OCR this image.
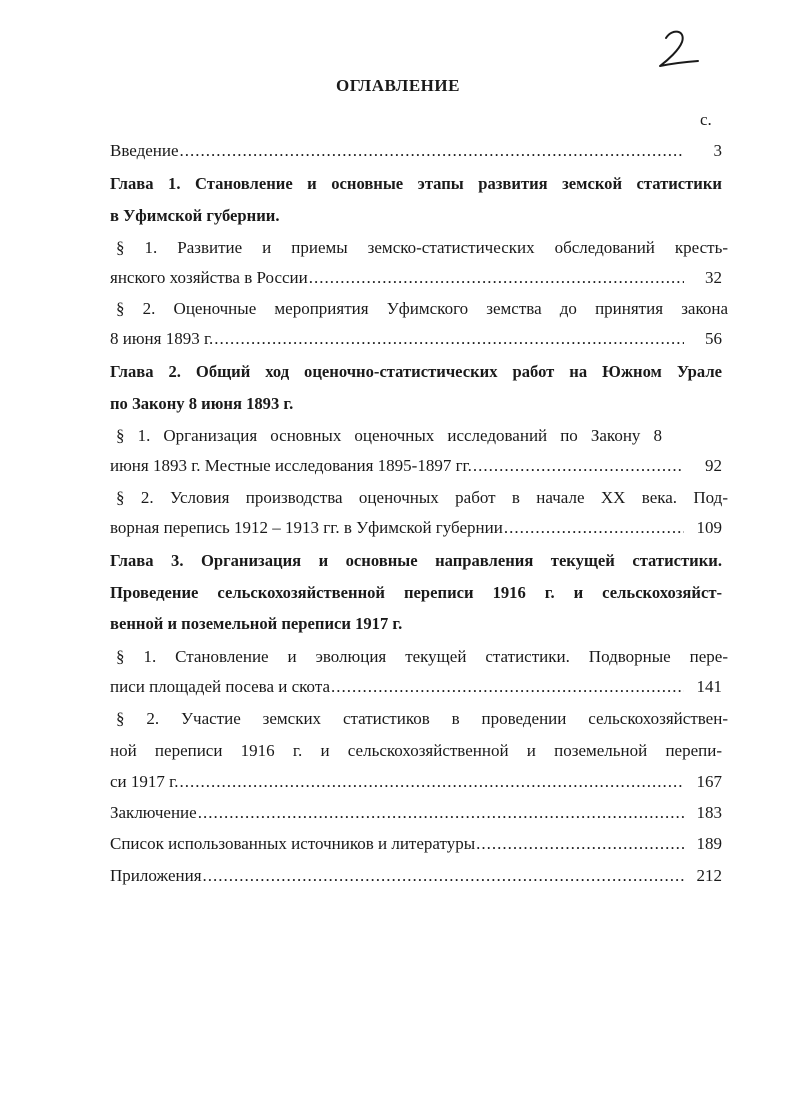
ОГЛАВЛЕНИЕ
с.
Введение .....	3
Глава 1. Становление и основные этапы развития земской статистики
в Уфимской губернии.
§ 1. Развитие и приемы земско-статистических обследований кресть-
янского хозяйства в России .....	32
§ 2. Оценочные мероприятия Уфимского земства до принятия закона
8 июня 1893 г. .....	56
Глава 2. Общий ход оценочно-статистических работ на Южном Урале
по Закону 8 июня 1893 г.
§ 1. Организация основных оценочных исследований по Закону 8
июня 1893 г. Местные исследования 1895-1897 гг. .....	92
§ 2. Условия производства оценочных работ в начале XX века. Под-
ворная перепись 1912 – 1913 гг. в Уфимской губернии .....	109
Глава 3. Организация и основные направления текущей статистики.
Проведение сельскохозяйственной переписи 1916 г. и сельскохозяйст-
венной и поземельной переписи 1917 г.
§ 1. Становление и эволюция текущей статистики. Подворные пере-
писи площадей посева и скота .....	141
§ 2. Участие земских статистиков в проведении сельскохозяйствен-
ной переписи 1916 г. и сельскохозяйственной и поземельной перепи-
си 1917 г. .....	167
Заключение .....	183
Список использованных источников и литературы .....	189
Приложения .....	212
